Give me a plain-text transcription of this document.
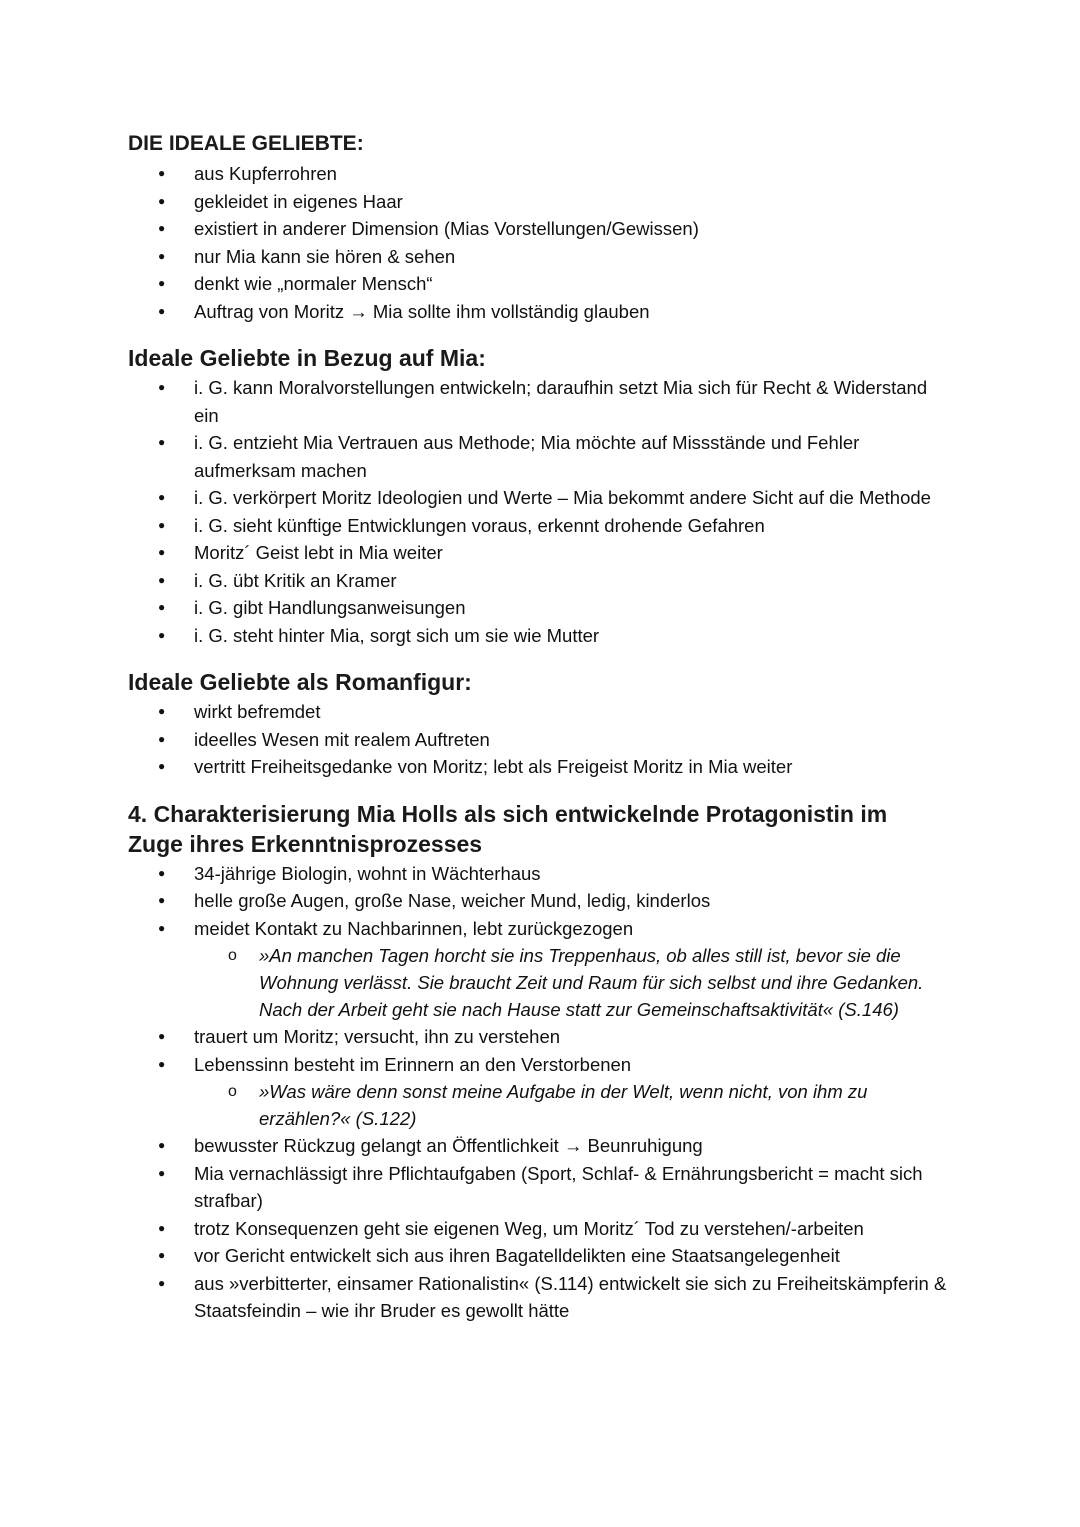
DIE IDEALE GELIEBTE:
● aus Kupferrohren
● gekleidet in eigenes Haar
● existiert in anderer Dimension (Mias Vorstellungen/Gewissen)
● nur Mia kann sie hören & sehen
● denkt wie „normaler Mensch“
● Auftrag von Moritz → Mia sollte ihm vollständig glauben
Ideale Geliebte in Bezug auf Mia:
● i. G. kann Moralvorstellungen entwickeln; daraufhin setzt Mia sich für Recht & Widerstand ein
● i. G. entzieht Mia Vertrauen aus Methode; Mia möchte auf Missstände und Fehler aufmerksam machen
● i. G. verkörpert Moritz Ideologien und Werte – Mia bekommt andere Sicht auf die Methode
● i. G. sieht künftige Entwicklungen voraus, erkennt drohende Gefahren
● Moritz´ Geist lebt in Mia weiter
● i. G. übt Kritik an Kramer
● i. G. gibt Handlungsanweisungen
● i. G. steht hinter Mia, sorgt sich um sie wie Mutter
Ideale Geliebte als Romanfigur:
● wirkt befremdet
● ideelles Wesen mit realem Auftreten
● vertritt Freiheitsgedanke von Moritz; lebt als Freigeist Moritz in Mia weiter
4. Charakterisierung Mia Holls als sich entwickelnde Protagonistin im Zuge ihres Erkenntnisprozesses
● 34-jährige Biologin, wohnt in Wächterhaus
● helle große Augen, große Nase, weicher Mund, ledig, kinderlos
● meidet Kontakt zu Nachbarinnen, lebt zurückgezogen
o »An manchen Tagen horcht sie ins Treppenhaus, ob alles still ist, bevor sie die Wohnung verlässt. Sie braucht Zeit und Raum für sich selbst und ihre Gedanken. Nach der Arbeit geht sie nach Hause statt zur Gemeinschaftsaktivität« (S.146)
● trauert um Moritz; versucht, ihn zu verstehen
● Lebenssinn besteht im Erinnern an den Verstorbenen
o »Was wäre denn sonst meine Aufgabe in der Welt, wenn nicht, von ihm zu erzählen?« (S.122)
● bewusster Rückzug gelangt an Öffentlichkeit → Beunruhigung
● Mia vernachlässigt ihre Pflichtaufgaben (Sport, Schlaf- & Ernährungsbericht = macht sich strafbar)
● trotz Konsequenzen geht sie eigenen Weg, um Moritz´ Tod zu verstehen/-arbeiten
● vor Gericht entwickelt sich aus ihren Bagatelldelikten eine Staatsangelegenheit
● aus »verbitterter, einsamer Rationalistin« (S.114) entwickelt sie sich zu Freiheitskämpferin & Staatsfeindin – wie ihr Bruder es gewollt hätte
